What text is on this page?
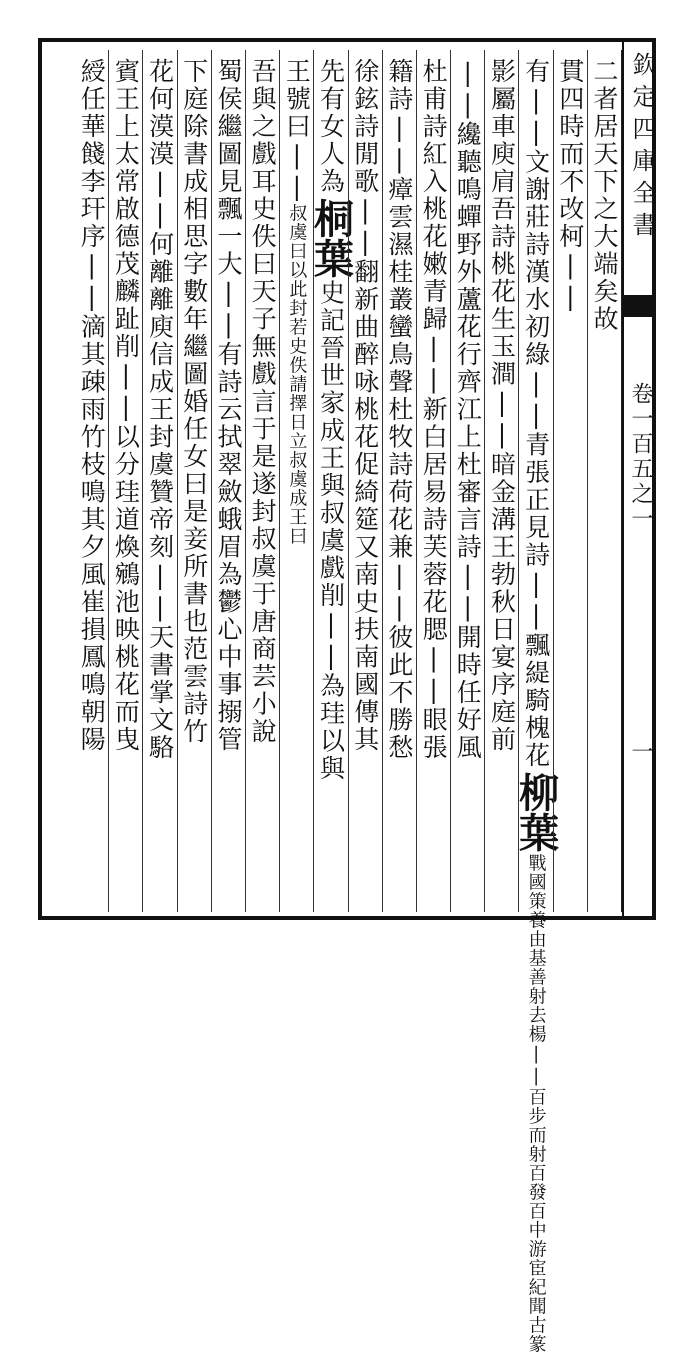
欽定四庫全書
卷一百五之一
一
二者居天下之大端矣故
貫四時而不改柯||
有||文謝莊詩漢水初綠||青張正見詩||飄緹騎槐花柳葉戰國策養由基善射去楊||百步而射百發百中游宦紀聞古篆
影屬車庾肩吾詩桃花生玉澗||暗金溝王勃秋日宴序庭前
||纔聽鳴蟬野外蘆花行齊江上杜審言詩||開時任好風
杜甫詩紅入桃花嫩青歸||新白居易詩芙蓉花腮||眼張
籍詩||瘴雲濕桂叢蠻鳥聲杜牧詩荷花兼||彼此不勝愁
徐鉉詩閒歌||翻新曲醉咏桃花促綺筵又南史扶南國傳其
先有女人為桐葉史記晉世家成王與叔虞戲削||為珪以與
王號曰||叔虞曰以此封若史佚請擇日立叔虞成王曰
吾與之戲耳史佚曰天子無戲言于是遂封叔虞于唐商芸小說
蜀侯繼圖見飄一大||有詩云拭翠斂蛾眉為鬱心中事搦管
下庭除書成相思字數年繼圖婚任女曰是妾所書也范雲詩竹
花何漠漠||何離離庾信成王封虞贊帝刻||天書掌文駱
賓王上太常啟德茂麟趾削||以分珪道煥鵷池映桃花而曳
綬任華餞李玕序||滴其疎雨竹枝鳴其夕風崔損鳳鳴朝陽
